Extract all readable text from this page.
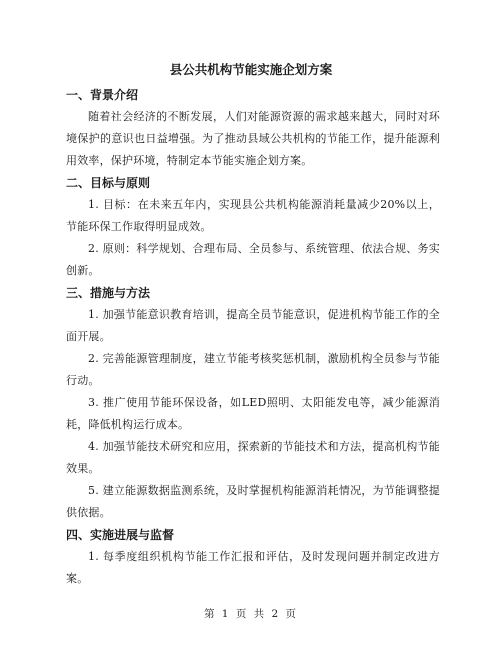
县公共机构节能实施企划方案
一、背景介绍

随着社会经济的不断发展，人们对能源资源的需求越来越大，同时对环境保护的意识也日益增强。为了推动县域公共机构的节能工作，提升能源利用效率，保护环境，特制定本节能实施企划方案。

二、目标与原则

1. 目标：在未来五年内，实现县公共机构能源消耗量减少20%以上，节能环保工作取得明显成效。

2. 原则：科学规划、合理布局、全员参与、系统管理、依法合规、务实创新。

三、措施与方法

1. 加强节能意识教育培训，提高全员节能意识，促进机构节能工作的全面开展。

2. 完善能源管理制度，建立节能考核奖惩机制，激励机构全员参与节能行动。

3. 推广使用节能环保设备，如LED照明、太阳能发电等，减少能源消耗，降低机构运行成本。

4. 加强节能技术研究和应用，探索新的节能技术和方法，提高机构节能效果。

5. 建立能源数据监测系统，及时掌握机构能源消耗情况，为节能调整提供依据。

四、实施进展与监督

1. 每季度组织机构节能工作汇报和评估，及时发现问题并制定改进方案。

第 1 页 共 2 页
